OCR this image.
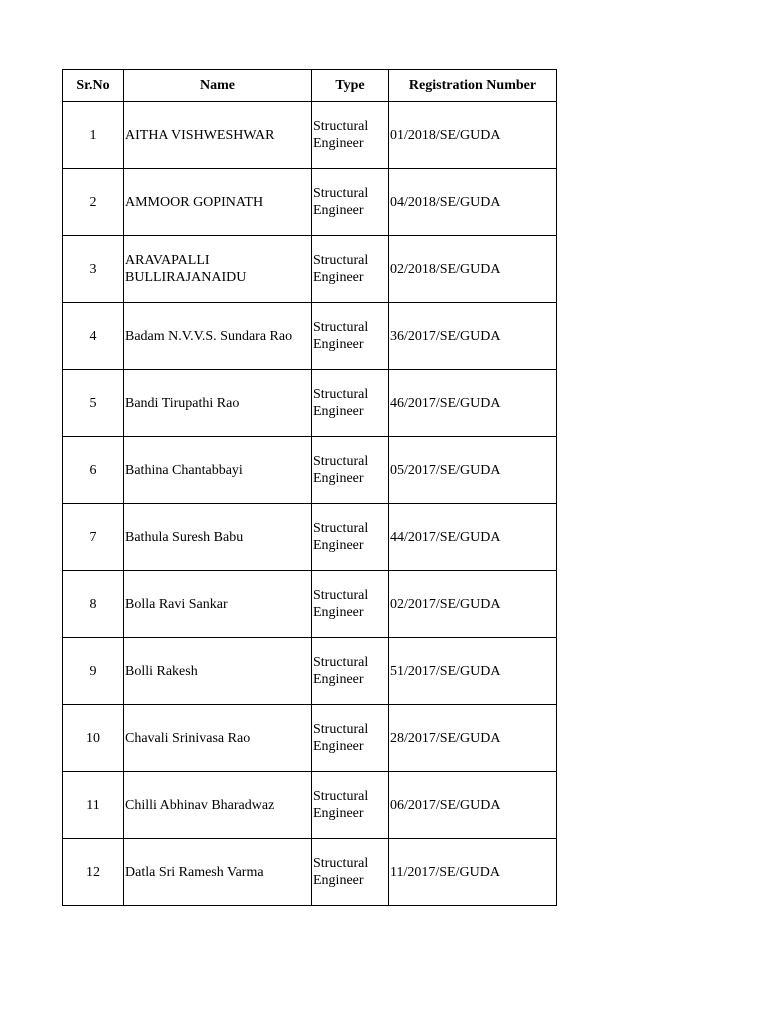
Sr.No	Name	Type	Registration Number
1	AITHA VISHWESHWAR	Structural Engineer	01/2018/SE/GUDA
2	AMMOOR GOPINATH	Structural Engineer	04/2018/SE/GUDA
3	ARAVAPALLI BULLIRAJANAIDU	Structural Engineer	02/2018/SE/GUDA
4	Badam N.V.V.S. Sundara Rao	Structural Engineer	36/2017/SE/GUDA
5	Bandi Tirupathi Rao	Structural Engineer	46/2017/SE/GUDA
6	Bathina Chantabbayi	Structural Engineer	05/2017/SE/GUDA
7	Bathula Suresh Babu	Structural Engineer	44/2017/SE/GUDA
8	Bolla Ravi Sankar	Structural Engineer	02/2017/SE/GUDA
9	Bolli Rakesh	Structural Engineer	51/2017/SE/GUDA
10	Chavali Srinivasa Rao	Structural Engineer	28/2017/SE/GUDA
11	Chilli Abhinav Bharadwaz	Structural Engineer	06/2017/SE/GUDA
12	Datla Sri Ramesh Varma	Structural Engineer	11/2017/SE/GUDA
